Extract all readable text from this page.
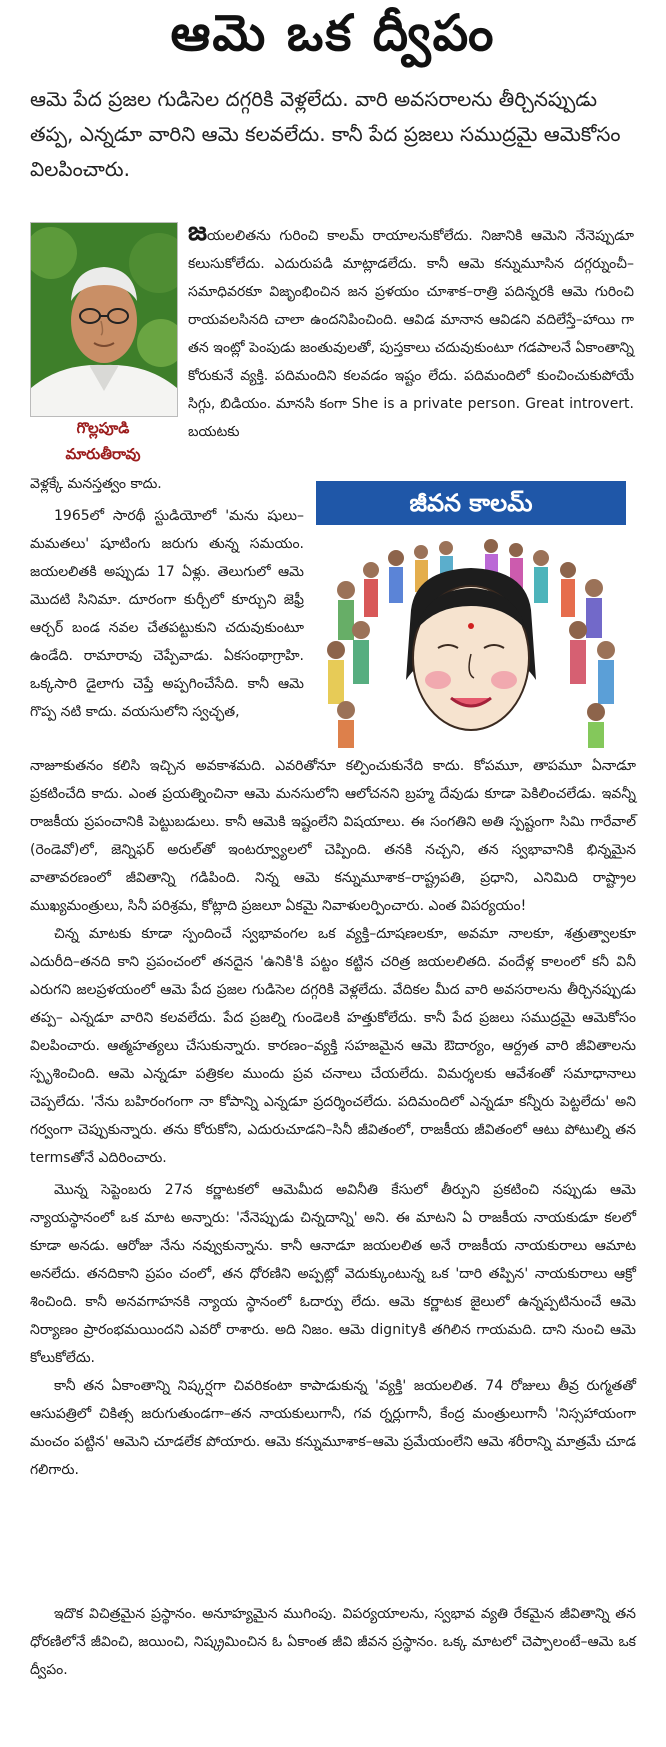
ఆమె ఒక ద్వీపం
ఆమె పేద ప్రజల గుడిసెల దగ్గరికి వెళ్లలేదు. వారి అవసరాలను తీర్చినప్పుడు తప్ప, ఎన్నడూ వారిని ఆమె కలవలేదు. కానీ పేద ప్రజలు సముద్రమై ఆమెకోసం విలపించారు.
గొల్లపూడి
మారుతీరావు

జయలలితను గురించి కాలమ్ రాయాలనుకోలేదు. నిజానికి ఆమెని నేనెప్పుడూ కలుసుకోలేదు. ఎదురుపడి మాట్లాడలేదు. కానీ ఆమె కన్నుమూసిన దగ్గర్నుంచీ–సమాధివరకూ విజృంభించిన జన ప్రళయం చూశాక–రాత్రి పదిన్నరకి ఆమె గురించి రాయవలసినది చాలా ఉందనిపించింది. ఆవిడ మానాన ఆవిడని వదిలేస్తే–హాయి గా తన ఇంట్లో పెంపుడు జంతువులతో, పుస్తకాలు చదువుకుంటూ గడపాలనే ఏకాంతాన్ని కోరుకునే వ్యక్తి. పదిమందిని కలవడం ఇష్టం లేదు. పదిమందిలో కుంచించుకుపోయే సిగ్గు, బిడియం. మానసి కంగా She is a private person. Great introvert. బయటకు

వెళ్లక్కే మనస్తత్వం కాదు.

జీవన కాలమ్

1965లో సారథీ స్టుడియోలో 'మను షులు–మమతలు' షూటింగు జరుగు తున్న సమయం. జయలలితకి అప్పుడు 17 ఏళ్లు. తెలుగులో ఆమె మొదటి సినిమా. దూరంగా కుర్చీలో కూర్చుని జెఫ్రీ ఆర్చర్ బండ నవల చేతపట్టుకుని చదువుకుంటూ ఉండేది. రామారావు చెప్పేవాడు. ఏకసంథాగ్రాహి. ఒక్కసారి డైలాగు చెప్తే అప్పగించేసేది. కానీ ఆమె గొప్ప నటి కాదు. వయసులోని స్వచ్ఛత,

నాజూకుతనం కలిసి ఇచ్చిన అవకాశమది. ఎవరితోనూ కల్పించుకునేది కాదు. కోపమూ, తాపమూ ఏనాడూ ప్రకటించేది కాదు. ఎంత ప్రయత్నించినా ఆమె మనసులోని ఆలోచనని బ్రహ్మ దేవుడు కూడా పెకిలించలేడు. ఇవన్నీ రాజకీయ ప్రపంచానికి పెట్టుబడులు. కానీ ఆమెకి ఇష్టంలేని విషయాలు. ఈ సంగతిని అతి స్పష్టంగా సిమి గారేవాల్ (రెండెవో)లో, జెన్నిఫర్ అరుల్‌తో ఇంటర్వ్యూలలో చెప్పింది. తనకి నచ్చని, తన స్వభావానికి భిన్నమైన వాతావరణంలో జీవితాన్ని గడిపింది. నిన్న ఆమె కన్నుమూశాక–రాష్ట్రపతి, ప్రధాని, ఎనిమిది రాష్ట్రాల ముఖ్యమంత్రులు, సినీ పరిశ్రమ, కోట్లాది ప్రజలూ ఏకమై నివాళులర్పించారు. ఎంత విపర్యయం!

చిన్న మాటకు కూడా స్పందించే స్వభావంగల ఒక వ్యక్తి–దూషణలకూ, అవమా నాలకూ, శత్రుత్వాలకూ ఎదురీది–తనది కాని ప్రపంచంలో తనదైన 'ఉనికి'కి పట్టం కట్టిన చరిత్ర జయలలితది. వందేళ్ల కాలంలో కనీ వినీ ఎరుగని జలప్రళయంలో ఆమె పేద ప్రజల గుడిసెల దగ్గరికి వెళ్లలేదు. వేదికల మీద వారి అవసరాలను తీర్చినప్పుడు తప్ప– ఎన్నడూ వారిని కలవలేదు. పేద ప్రజల్ని గుండెలకి హత్తుకోలేదు. కానీ పేద ప్రజలు సముద్రమై ఆమెకోసం విలపించారు. ఆత్మహత్యలు చేసుకున్నారు. కారణం–వ్యక్తి సహజమైన ఆమె ఔదార్యం, ఆర్ద్రత వారి జీవితాలను స్పృశించింది. ఆమె ఎన్నడూ పత్రికల ముందు ప్రవ చనాలు చేయలేదు. విమర్శలకు ఆవేశంతో సమాధానాలు చెప్పలేదు. 'నేను బహిరంగంగా నా కోపాన్ని ఎన్నడూ ప్రదర్శించలేదు. పదిమందిలో ఎన్నడూ కన్నీరు పెట్టలేదు' అని గర్వంగా చెప్పుకున్నారు. తను కోరుకోని, ఎదురుచూడని–సినీ జీవితంలో, రాజకీయ జీవితంలో ఆటు పోటుల్ని తన termsతోనే ఎదిరించారు.

మొన్న సెప్టెంబరు 27న కర్ణాటకలో ఆమెమీద అవినీతి కేసులో తీర్పుని ప్రకటించి నప్పుడు ఆమె న్యాయస్థానంలో ఒక మాట అన్నారు: 'నేనెప్పుడు చిన్నదాన్ని' అని. ఈ మాటని ఏ రాజకీయ నాయకుడూ కలలో కూడా అనడు. ఆరోజు నేను నవ్వుకున్నాను. కానీ ఆనాడూ జయలలిత అనే రాజకీయ నాయకురాలు ఆమాట అనలేదు. తనదికాని ప్రపం చంలో, తన ధోరణిని అప్పట్లో వెదుక్కుంటున్న ఒక 'దారి తప్పిన' నాయకురాలు ఆక్రో శించింది. కానీ అనవగాహనకి న్యాయ స్థానంలో ఓదార్పు లేదు. ఆమె కర్ణాటక జైలులో ఉన్నప్పటినుంచే ఆమె నిర్యాణం ప్రారంభమయిందని ఎవరో రాశారు. అది నిజం. ఆమె dignityకి తగిలిన గాయమది. దాని నుంచి ఆమె కోలుకోలేదు.

కానీ తన ఏకాంతాన్ని నిష్కర్షగా చివరికంటా కాపాడుకున్న 'వ్యక్తి' జయలలిత. 74 రోజులు తీవ్ర రుగ్మతతో ఆసుపత్రిలో చికిత్స జరుగుతుండగా–తన నాయకులుగానీ, గవ ర్నర్లుగానీ, కేంద్ర మంత్రులుగానీ 'నిస్సహాయంగా మంచం పట్టిన' ఆమెని చూడలేక పోయారు. ఆమె కన్నుమూశాక–ఆమె ప్రమేయంలేని ఆమె శరీరాన్ని మాత్రమే చూడ గలిగారు.

ఇదొక విచిత్రమైన ప్రస్థానం. అనూహ్యమైన ముగింపు. విపర్యయాలను, స్వభావ వ్యతి రేకమైన జీవితాన్ని తన ధోరణిలోనే జీవించి, జయించి, నిష్క్రమించిన ఓ ఏకాంత జీవి జీవన ప్రస్థానం. ఒక్క మాటలో చెప్పాలంటే–ఆమె ఒక ద్వీపం.
